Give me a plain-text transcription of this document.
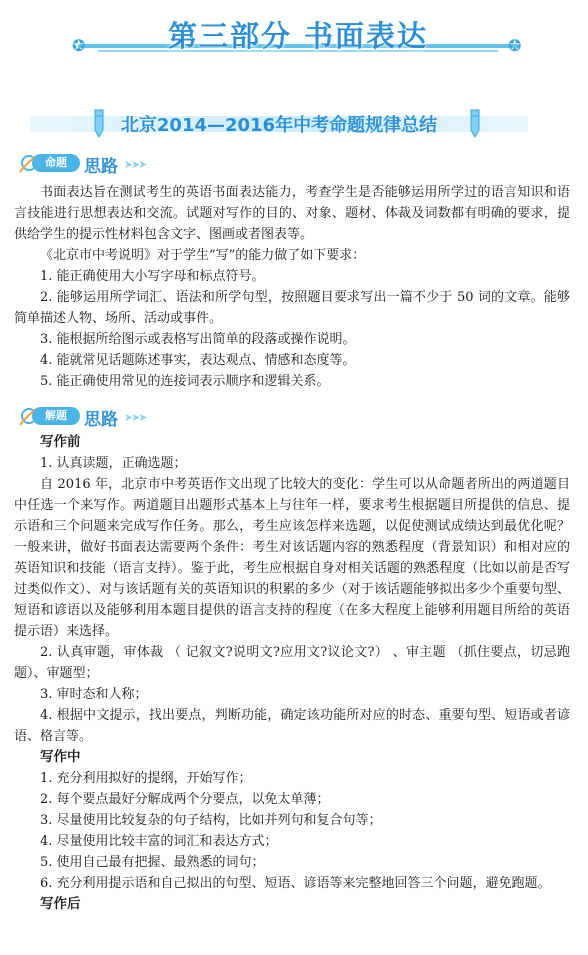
✪	✪
第三部分 书面表达
北京2014—2016年中考命题规律总结
命题	思路 ➤➤➤

书面表达旨在测试考生的英语书面表达能力，考查学生是否能够运用所学过的语言知识和语言技能进行思想表达和交流。试题对写作的目的、对象、题材、体裁及词数都有明确的要求，提供给学生的提示性材料包含文字、图画或者图表等。

《北京市中考说明》对于学生“写”的能力做了如下要求：

1. 能正确使用大小写字母和标点符号。

2. 能够运用所学词汇、语法和所学句型，按照题目要求写出一篇不少于 50 词的文章。能够简单描述人物、场所、活动或事件。

3. 能根据所给图示或表格写出简单的段落或操作说明。

4. 能就常见话题陈述事实，表达观点、情感和态度等。

5. 能正确使用常见的连接词表示顺序和逻辑关系。

解题	思路 ➤➤➤
写作前

1. 认真读题，正确选题；

自 2016 年，北京市中考英语作文出现了比较大的变化：学生可以从命题者所出的两道题目中任选一个来写作。两道题目出题形式基本上与往年一样，要求考生根据题目所提供的信息、提示语和三个问题来完成写作任务。那么，考生应该怎样来选题，以促使测试成绩达到最优化呢？一般来讲，做好书面表达需要两个条件：考生对该话题内容的熟悉程度（背景知识）和相对应的英语知识和技能（语言支持）。鉴于此，考生应根据自身对相关话题的熟悉程度（比如以前是否写过类似作文）、对与该话题有关的英语知识的积累的多少（对于该话题能够拟出多少个重要句型、短语和谚语以及能够利用本题目提供的语言支持的程度（在多大程度上能够利用题目所给的英语提示语）来选择。

2. 认真审题，审体裁 （ 记叙文?说明文?应用文?议论文?） 、审主题 （抓住要点，切忌跑题）、审题型；

3. 审时态和人称；

4. 根据中文提示，找出要点，判断功能，确定该功能所对应的时态、重要句型、短语或者谚语、格言等。

写作中

1. 充分利用拟好的提纲，开始写作；

2. 每个要点最好分解成两个分要点，以免太单薄；

3. 尽量使用比较复杂的句子结构，比如并列句和复合句等；

4. 尽量使用比较丰富的词汇和表达方式；

5. 使用自己最有把握、最熟悉的词句；

6. 充分利用提示语和自己拟出的句型、短语、谚语等来完整地回答三个问题，避免跑题。

写作后
